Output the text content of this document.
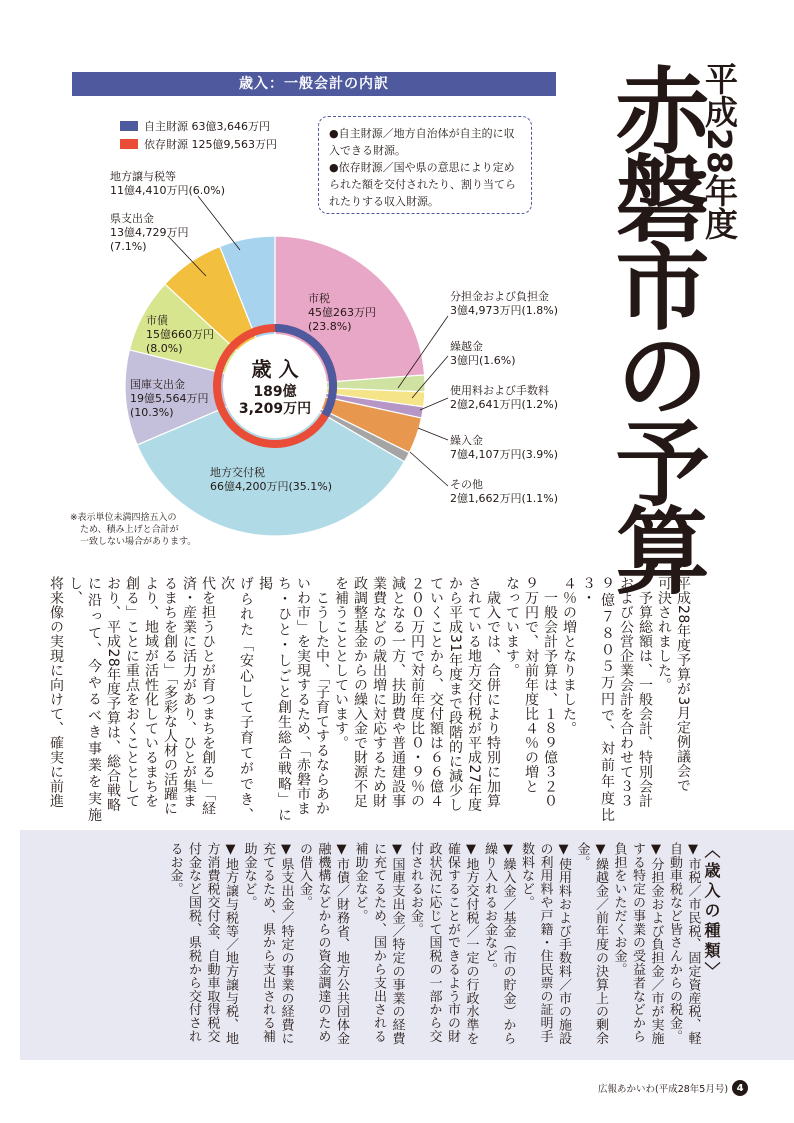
歳入：一般会計の内訳
自主財源 63億3,646万円
依存財源 125億9,563万円
●自主財源／地方自治体が自主的に収入できる財源。
●依存財源／国や県の意思により定められた額を交付されたり、割り当てられたりする収入財源。
歳 入
189億
3,209万円
市税
45億263万円
(23.8%)
分担金および負担金
3億4,973万円(1.8%)
繰越金
3億円(1.6%)
使用料および手数料
2億2,641万円(1.2%)
繰入金
7億4,107万円(3.9%)
その他
2億1,662万円(1.1%)
地方交付税
66億4,200万円(35.1%)
国庫支出金
19億5,564万円
(10.3%)
市債
15億660万円
(8.0%)
県支出金
13億4,729万円
(7.1%)
地方譲与税等
11億4,410万円(6.0%)
※表示単位未満四捨五入の
ため、積み上げと合計が
一致しない場合があります。
平成28年度
赤磐市の予算
平成28年度予算が3月定例議会で
可決されました。
　予算総額は、一般会計、特別会計
および公営企業会計を合わせて３３
９億７８０５万円で、対前年度比３・
４％の増となりました。
　一般会計予算は、１８９億３２０
９万円で、対前年度比４％の増と
なっています。
　歳入では、合併により特別に加算
されている地方交付税が平成27年度
から平成31年度まで段階的に減少し
ていくことから、交付額は６６億４
２００万円で対前年度比０・９％の
減となる一方、扶助費や普通建設事
業費などの歳出増に対応するため財
政調整基金からの繰入金で財源不足
を補うこととしています。
　こうした中、「子育てするならあか
いわ市」を実現するため、「赤磐市ま
ち・ひと・しごと創生総合戦略」に掲
げられた「安心して子育てができ、次
代を担うひとが育つまちを創る」「経
済・産業に活力があり、ひとが集ま
るまちを創る」「多彩な人材の活躍に
より、地域が活性化しているまちを
創る」ことに重点をおくこととして
おり、平成28年度予算は、総合戦略
に沿って、今やるべき事業を実施し、
将来像の実現に向けて、確実に前進
〈歳入の種類〉
▼市税／市民税、固定資産税、軽
自動車税など皆さんからの税金。
▼分担金および負担金／市が実施
する特定の事業の受益者などから
負担をいただくお金。
▼繰越金／前年度の決算上の剰余
金。
▼使用料および手数料／市の施設
の利用料や戸籍・住民票の証明手
数料など。
▼繰入金／基金（市の貯金）から
繰り入れるお金など。
▼地方交付税／一定の行政水準を
確保することができるよう市の財
政状況に応じて国税の一部から交
付されるお金。
▼国庫支出金／特定の事業の経費
に充てるため、国から支出される
補助金など。
▼市債／財務省、地方公共団体金
融機構などからの資金調達のため
の借入金。
▼県支出金／特定の事業の経費に
充てるため、県から支出される補
助金など。
▼地方譲与税等／地方譲与税、地
方消費税交付金、自動車取得税交
付金など国税、県税から交付され
るお金。
広報あかいわ(平成28年5月号) 4
